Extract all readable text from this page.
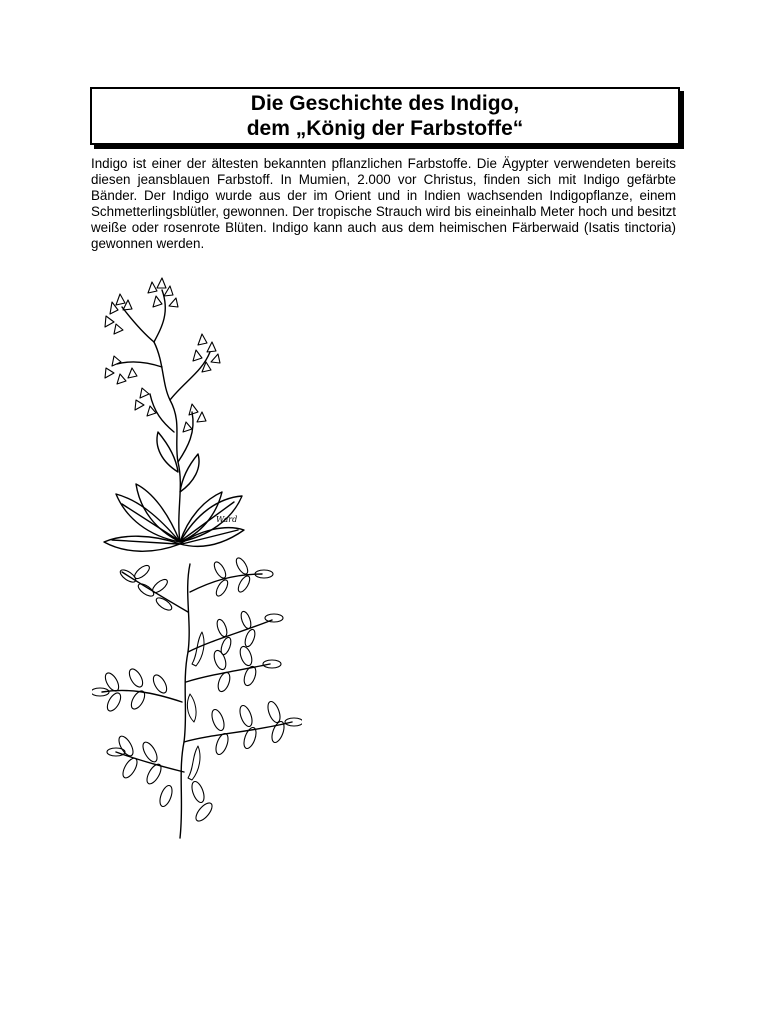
Die Geschichte des Indigo,
dem „König der Farbstoffe“

Indigo ist einer der ältesten bekannten pflanzlichen Farbstoffe. Die Ägypter verwendeten bereits diesen jeansblauen Farbstoff. In Mumien, 2.000 vor Christus, finden sich mit Indigo gefärbte Bänder. Der Indigo wurde aus der im Orient und in Indien wachsenden Indigopflanze, einem Schmetterlingsblütler, gewonnen. Der tropische Strauch wird bis eineinhalb Meter hoch und besitzt weiße oder rosenrote Blüten. Indigo kann auch aus dem heimischen Färberwaid (Isatis tinctoria) gewonnen werden.

Ward
